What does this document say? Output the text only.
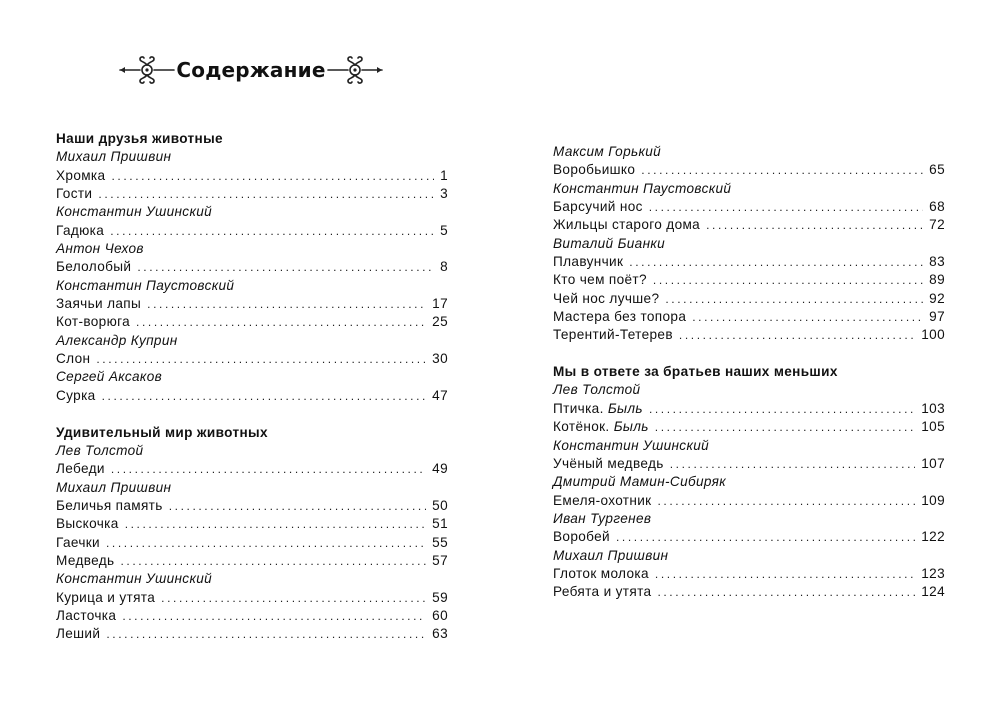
Содержание
Наши друзья животные
Михаил Пришвин
Хромка .....	1
Гости .....	3
Константин Ушинский
Гадюка .....	5
Антон Чехов
Белолобый .....	8
Константин Паустовский
Заячьи лапы .....	17
Кот-ворюга .....	25
Александр Куприн
Слон .....	30
Сергей Аксаков
Сурка .....	47
Удивительный мир животных
Лев Толстой
Лебеди .....	49
Михаил Пришвин
Беличья память .....	50
Выскочка .....	51
Гаечки .....	55
Медведь .....	57
Константин Ушинский
Курица и утята .....	59
Ласточка .....	60
Леший .....	63
Максим Горький
Воробьишко .....	65
Константин Паустовский
Барсучий нос .....	68
Жильцы старого дома .....	72
Виталий Бианки
Плавунчик .....	83
Кто чем поёт? .....	89
Чей нос лучше? .....	92
Мастера без топора .....	97
Терентий-Тетерев .....	100
Мы в ответе за братьев наших меньших
Лев Толстой
Птичка. Быль .....	103
Котёнок. Быль .....	105
Константин Ушинский
Учёный медведь .....	107
Дмитрий Мамин-Сибиряк
Емеля-охотник .....	109
Иван Тургенев
Воробей .....	122
Михаил Пришвин
Глоток молока .....	123
Ребята и утята .....	124
